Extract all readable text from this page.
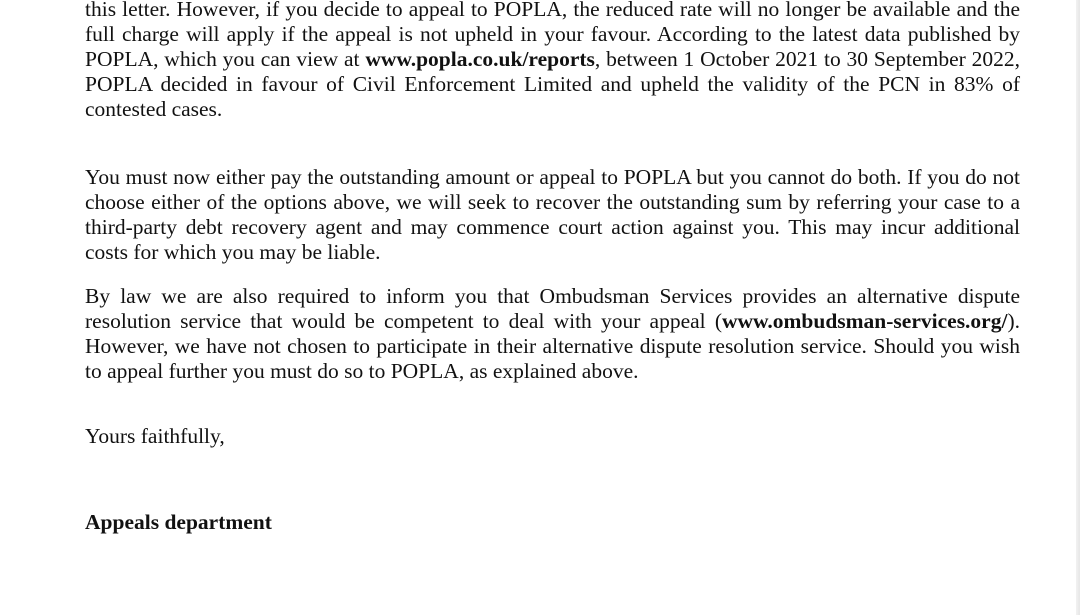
this letter. However, if you decide to appeal to POPLA, the reduced rate will no longer be available and the full charge will apply if the appeal is not upheld in your favour. According to the latest data published by POPLA, which you can view at www.popla.co.uk/reports, between 1 October 2021 to 30 September 2022, POPLA decided in favour of Civil Enforcement Limited and upheld the validity of the PCN in 83% of contested cases.

You must now either pay the outstanding amount or appeal to POPLA but you cannot do both. If you do not choose either of the options above, we will seek to recover the outstanding sum by referring your case to a third-party debt recovery agent and may commence court action against you. This may incur additional costs for which you may be liable.

By law we are also required to inform you that Ombudsman Services provides an alternative dispute resolution service that would be competent to deal with your appeal (www.ombudsman-services.org/). However, we have not chosen to participate in their alternative dispute resolution service. Should you wish to appeal further you must do so to POPLA, as explained above.

Yours faithfully,

Appeals department
